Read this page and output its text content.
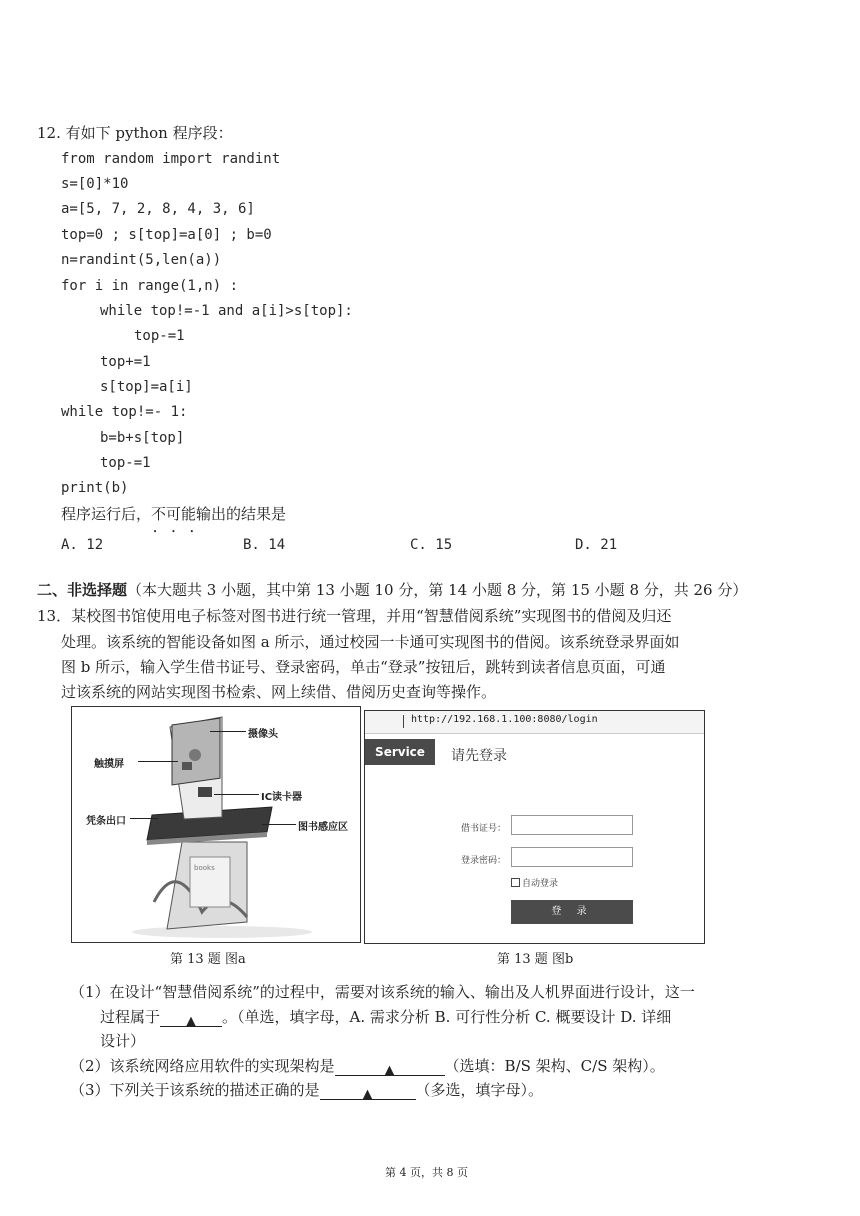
12. 有如下 python 程序段：
from random import randint
s=[0]*10
a=[5, 7, 2, 8, 4, 3, 6]
top=0 ; s[top]=a[0] ; b=0
n=randint(5,len(a))
for i in range(1,n) :
while top!=-1 and a[i]>s[top]:
top-=1
top+=1
s[top]=a[i]
while top!=- 1:
b=b+s[top]
top-=1
print(b)
程序运行后，不可能 • • •输出的结果是
A. 12	B. 14	C. 15	D. 21
二、非选择题（本大题共 3 小题，其中第 13 小题 10 分，第 14 小题 8 分，第 15 小题 8 分，共 26 分）
13．某校图书馆使用电子标签对图书进行统一管理，并用“智慧借阅系统”实现图书的借阅及归还
处理。该系统的智能设备如图 a 所示，通过校园一卡通可实现图书的借阅。该系统登录界面如
图 b 所示，输入学生借书证号、登录密码，单击“登录”按钮后，跳转到读者信息页面，可通
过该系统的网站实现图书检索、网上续借、借阅历史查询等操作。
books
摄像头
触摸屏
IC读卡器
凭条出口
图书感应区
第 13 题 图a
http://192.168.1.100:8080/login
Service	请先登录
借书证号：
登录密码：
自动登录
登 录
第 13 题 图b
（1）在设计“智慧借阅系统”的过程中，需要对该系统的输入、输出及人机界面进行设计，这一
过程属于 ▲ 。（单选，填字母，A. 需求分析 B. 可行性分析 C. 概要设计 D. 详细
设计）
（2）该系统网络应用软件的实现架构是	▲	（选填：B/S 架构、C/S 架构）。
（3）下列关于该系统的描述正确的是	▲	（多选，填字母）。
第 4 页，共 8 页
